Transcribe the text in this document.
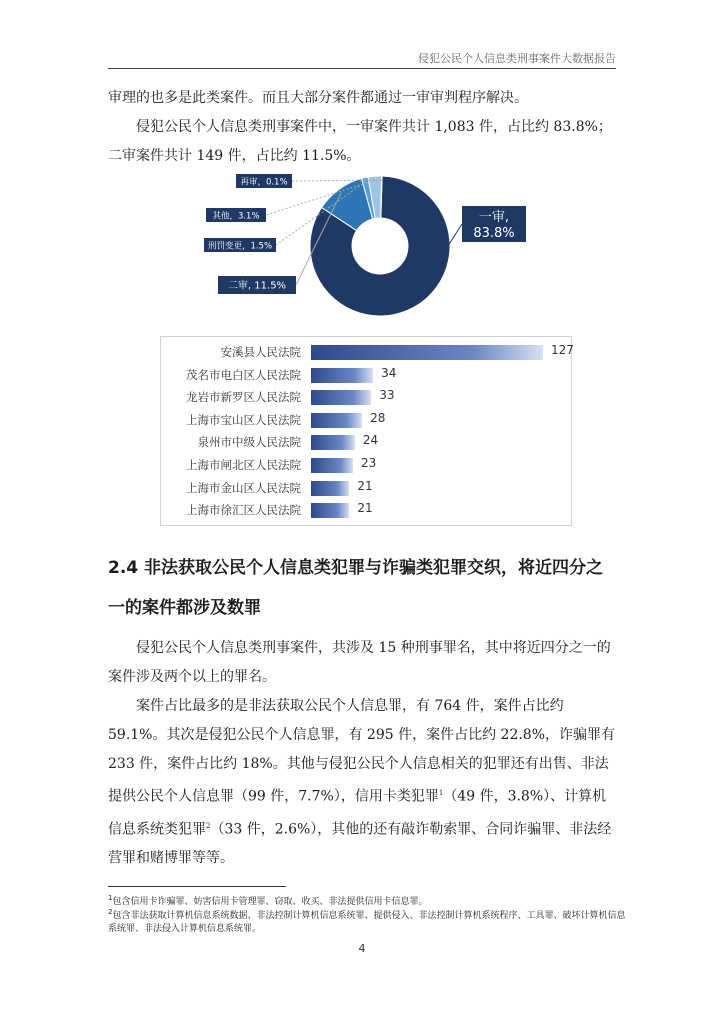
侵犯公民个人信息类刑事案件大数据报告

审理的也多是此类案件。而且大部分案件都通过一审审判程序解决。

侵犯公民个人信息类刑事案件中，一审案件共计 1,083 件，占比约 83.8%；二审案件共计 149 件，占比约 11.5%。

一审, 83.8%
二审, 11.5%
刑罚变更，1.5%
其他，3.1%
再审，0.1%
安溪县人民法院	127
茂名市电白区人民法院	34
龙岩市新罗区人民法院	33
上海市宝山区人民法院	28
泉州市中级人民法院	24
上海市闸北区人民法院	23
上海市金山区人民法院	21
上海市徐汇区人民法院	21
2.4 非法获取公民个人信息类犯罪与诈骗类犯罪交织，将近四分之一的案件都涉及数罪

侵犯公民个人信息类刑事案件，共涉及 15 种刑事罪名，其中将近四分之一的案件涉及两个以上的罪名。

案件占比最多的是非法获取公民个人信息罪，有 764 件，案件占比约 59.1%。其次是侵犯公民个人信息罪，有 295 件，案件占比约 22.8%，诈骗罪有 233 件，案件占比约 18%。其他与侵犯公民个人信息相关的犯罪还有出售、非法提供公民个人信息罪（99 件，7.7%），信用卡类犯罪$^1$（49 件，3.8%）、计算机信息系统类犯罪$^2$（33 件，2.6%），其他的还有敲诈勒索罪、合同诈骗罪、非法经营罪和赌博罪等等。

$^1$包含信用卡诈骗罪、妨害信用卡管理罪、窃取、收买、非法提供信用卡信息罪。

$^2$包含非法获取计算机信息系统数据、非法控制计算机信息系统罪、提供侵入、非法控制计算机系统程序、工具罪、破坏计算机信息系统罪、非法侵入计算机信息系统罪。

4
